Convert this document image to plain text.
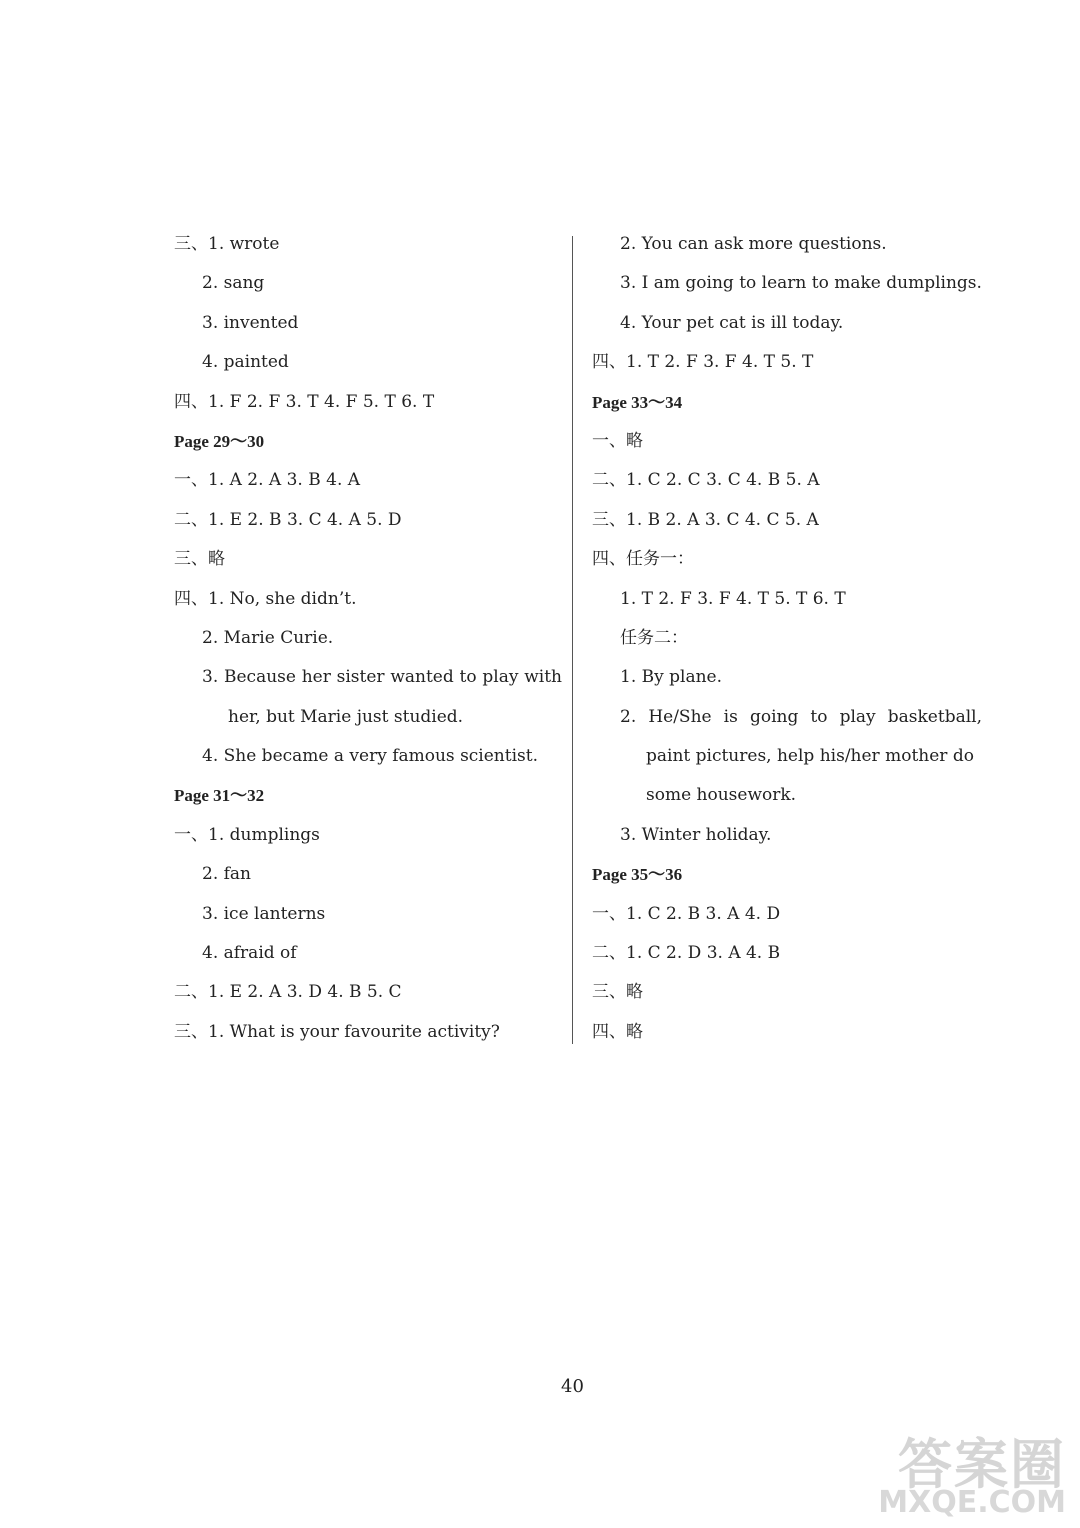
三、1. wrote
2. sang
3. invented
4. painted
四、1. F 2. F 3. T 4. F 5. T 6. T
Page 29～30
一、1. A 2. A 3. B 4. A
二、1. E 2. B 3. C 4. A 5. D
三、略
四、1. No, she didn’t.
2. Marie Curie.
3. Because her sister wanted to play with
her, but Marie just studied.
4. She became a very famous scientist.
Page 31～32
一、1. dumplings
2. fan
3. ice lanterns
4. afraid of
二、1. E 2. A 3. D 4. B 5. C
三、1. What is your favourite activity?
2. You can ask more questions.
3. I am going to learn to make dumplings.
4. Your pet cat is ill today.
四、1. T 2. F 3. F 4. T 5. T
Page 33～34
一、略
二、1. C 2. C 3. C 4. B 5. A
三、1. B 2. A 3. C 4. C 5. A
四、任务一：
1. T 2. F 3. F 4. T 5. T 6. T
任务二：
1. By plane.
2. He/She is going to play basketball,
paint pictures, help his/her mother do
some housework.
3. Winter holiday.
Page 35～36
一、1. C 2. B 3. A 4. D
二、1. C 2. D 3. A 4. B
三、略
四、略
40
答案圈
MXQE.COM
